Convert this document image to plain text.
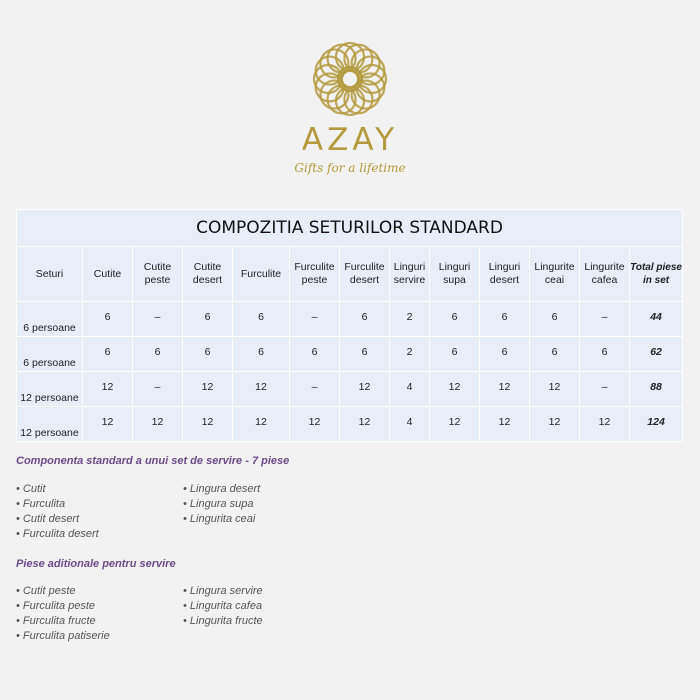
AZAY
Gifts for a lifetime
COMPOZITIA SETURILOR STANDARD												
Seturi	Cutite	Cutite peste	Cutite desert	Furculite	Furculite peste	Furculite desert	Linguri servire	Linguri supa	Linguri desert	Lingurite ceai	Lingurite cafea	Total piese in set
6 persoane	6	–	6	6	–	6	2	6	6	6	–	44
6 persoane	6	6	6	6	6	6	2	6	6	6	6	62
12 persoane	12	–	12	12	–	12	4	12	12	12	–	88
12 persoane	12	12	12	12	12	12	4	12	12	12	12	124
Componenta standard a unui set de servire - 7 piese
• Cutit
• Furculita
• Cutit desert
• Furculita desert
• Lingura desert
• Lingura supa
• Lingurita ceai
Piese aditionale pentru servire
• Cutit peste
• Furculita peste
• Furculita fructe
• Furculita patiserie
• Lingura servire
• Lingurita cafea
• Lingurita fructe
